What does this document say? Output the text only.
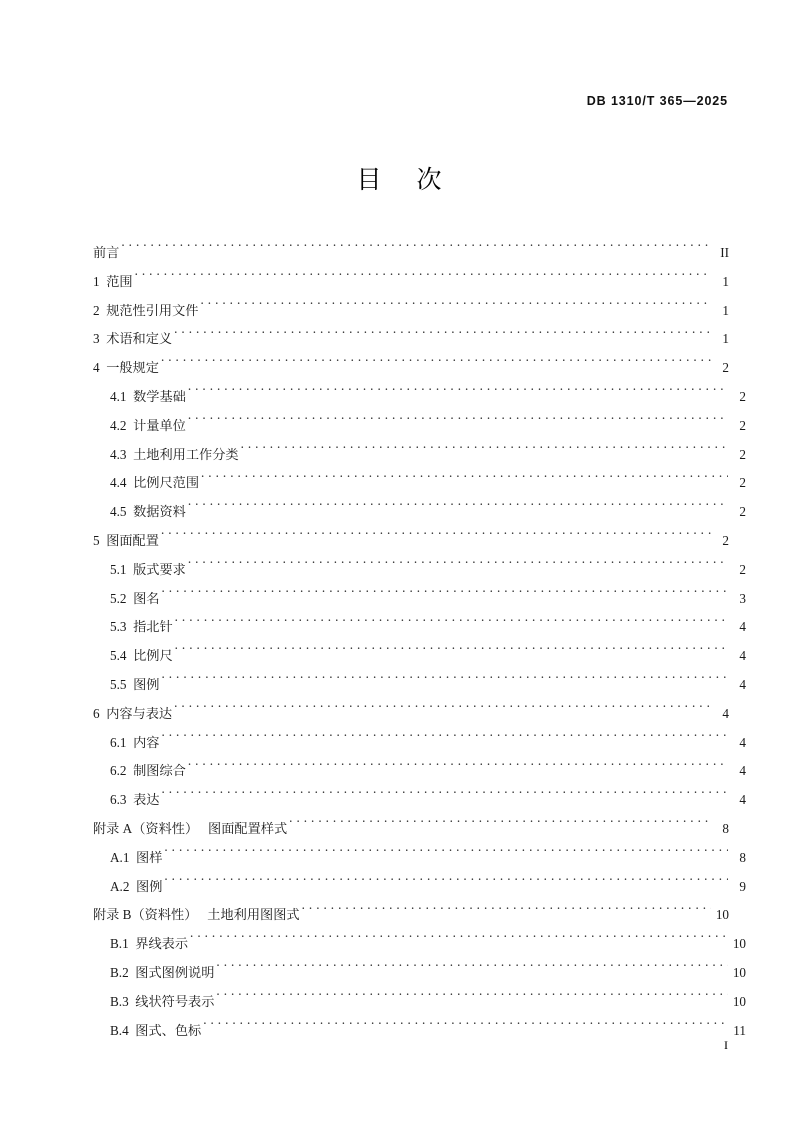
DB 1310/T 365—2025
目    次
前言 . . .	II
1 范围 . . .	1
2 规范性引用文件 . . .	1
3 术语和定义 . . .	1
4 一般规定 . . .	2
4.1 数学基础 . . .	2
4.2 计量单位 . . .	2
4.3 土地利用工作分类 . . .	2
4.4 比例尺范围 . . .	2
4.5 数据资料 . . .	2
5 图面配置 . . .	2
5.1 版式要求 . . .	2
5.2 图名 . . .	3
5.3 指北针 . . .	4
5.4 比例尺 . . .	4
5.5 图例 . . .	4
6 内容与表达 . . .	4
6.1 内容 . . .	4
6.2 制图综合 . . .	4
6.3 表达 . . .	4
附录 A（资料性） 图面配置样式 . . .	8
A.1 图样 . . .	8
A.2 图例 . . .	9
附录 B（资料性） 土地利用图图式 . . .	10
B.1 界线表示 . . .	10
B.2 图式图例说明 . . .	10
B.3 线状符号表示 . . .	10
B.4 图式、色标 . . .	11
I
